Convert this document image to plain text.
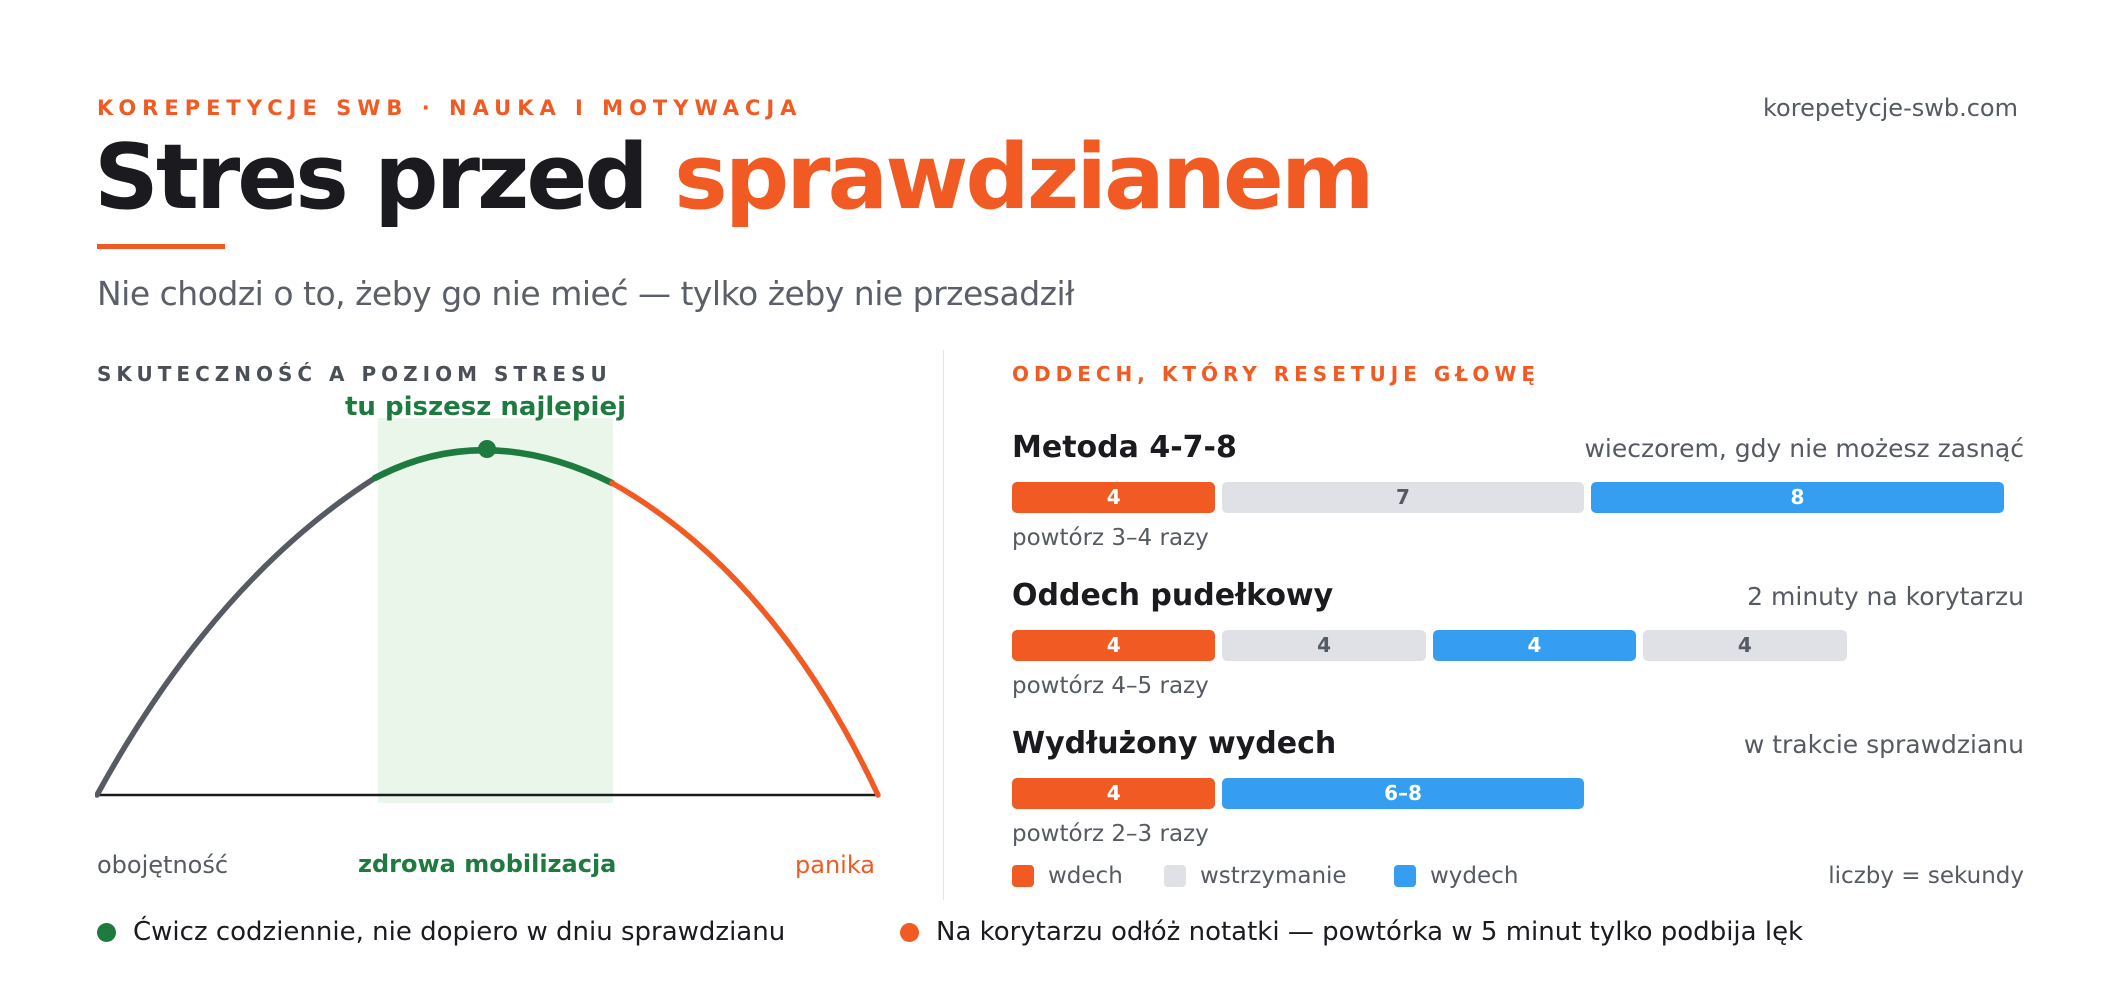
KOREPETYCJE SWB · NAUKA I MOTYWACJA	korepetycje-swb.com
Stres przed sprawdzianem
Nie chodzi o to, żeby go nie mieć — tylko żeby nie przesadził
SKUTECZNOŚĆ A POZIOM STRESU
tu piszesz najlepiej
obojętność	zdrowa mobilizacja	panika
ODDECH, KTÓRY RESETUJE GŁOWĘ
Metoda 4-7-8	wieczorem, gdy nie możesz zasnąć
4	7	8
powtórz 3–4 razy
Oddech pudełkowy	2 minuty na korytarzu
4	4	4	4
powtórz 4–5 razy
Wydłużony wydech	w trakcie sprawdzianu
4	6–8
powtórz 2–3 razy
wdech	wstrzymanie	wydech	liczby = sekundy
Ćwicz codziennie, nie dopiero w dniu sprawdzianu	Na korytarzu odłóż notatki — powtórka w 5 minut tylko podbija lęk
